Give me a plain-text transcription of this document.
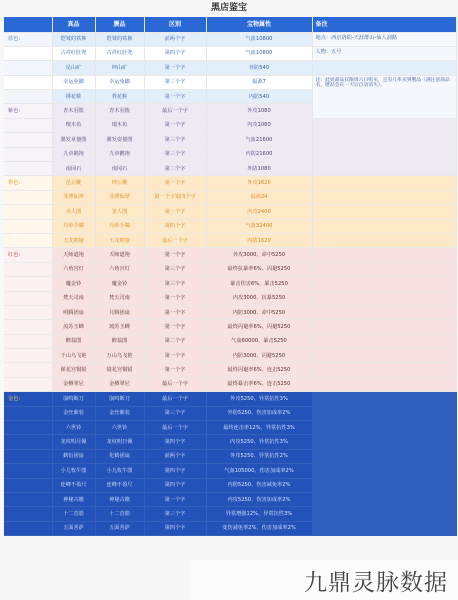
黑店鉴宝
	真品	赝品	区别	宝物属性	备注	
蓝色:	铠皱的铁裤	铠皱的铁裤	前两个字	气血10800	地点：西京洛阳-天涯群山-仙人洞路	
	古祥红肚兜	古祥红肚兜	第四个字	气血10800	人物：五号	
	昆山矿	坤山矿	第一个字	外防540		
	幸运免脚	幸运兔脚	第三个字	福源7	注：此处商品仅限周六日购买，且有几率买到赝品（满注意商品名，赝品会在一天后自动消失）。	
	绣花鞋	秀花鞋	第一个字	内防540		
紫色:	青木羽簇	青木羽簇	最后一个字	外攻1080		
	檀木鱼	璮木鱼	第一个字	内攻1080		
	翼发章鋆图	翼发姿鋆图	第三个字	气血21600		
	九章鹤袍	九章鹳袍	第三个字	内防21600		
	南冈石	南冈石	第二个字	外防1080		
橙色:	昆云靴	坤云靴	第一个字	外攻1620		
	菲薄仙翠	菲薄仙翠	第一个字第四个字	福源24		
	美人图	姜人图	第一个字	内攻2400		
	丹砂手镯	丹砂手镯	第四个字	气血32400		
	玉龙朝鋆	玉龙朝鋆	最后一个字	内防1620		
红色:	天师道袍	夭师道袍	第一个字	外攻3000、命中5250		
	六角宫灯	六角宫灯	第三个字	最终抗暴率6%、闪避5250		
	魔金铃	魔金铃	第三个字	暴击伤害6%、暴击5250		
	梵天司南	梵天司南	第一个字	内攻3000、抗暴5250		
	明腾团扇	月腾团扇	第一个字	内防3000、命中5250		
	流苏玉蝉	琉苏玉蝉	第一个字	最终闪避率6%、闪避5250		
	醉翁图	醉翁图	第二个字	气血60000、暴击5250		
	千山乌飞艳	万山乌飞艳	第一个字	内防3000、闪避5250		
	翟花宫铜镜	镜花宫铜镜	第一个字	最终闪避率6%、连击5250		
	金樽翠尼	金樽翠尼	最后一个字	最终暴击率6%、连击5250		
金色:	崩鸣断刀	崩鸣断刀	最后一个字	外攻5250、异常抗性3%		
	金丝紫装	金丝紫装	第三个字	外防5250、伤害加成率2%		
	六世铃	六世铃	最后一个字	最终连击率12%、异常抗性3%		
	龙纹明月佩	龙纹明日佩	第四个字	内攻5250、异常抗性3%		
	鹤衍团扇	化鹤团扇	前两个字	外攻5250、异常抗性2%		
	小儿牧牛图	小儿枚牛图	第四个字	气血105000、伤害加成率2%		
	连峰不盈尺	连峰不盈尺	第四个字	内防5250、伤害减免率2%		
	神秘古籍	神秘古籍	第一个字	内攻5250、伤害加成率2%		
	十二首筋	十二首筋	第三个字	异常增强12%、异常抗性3%		
	五面菩萨	五面菩萨	第四个字	变伤减免率2%、伤害加成率2%		
九鼎灵脉数据
